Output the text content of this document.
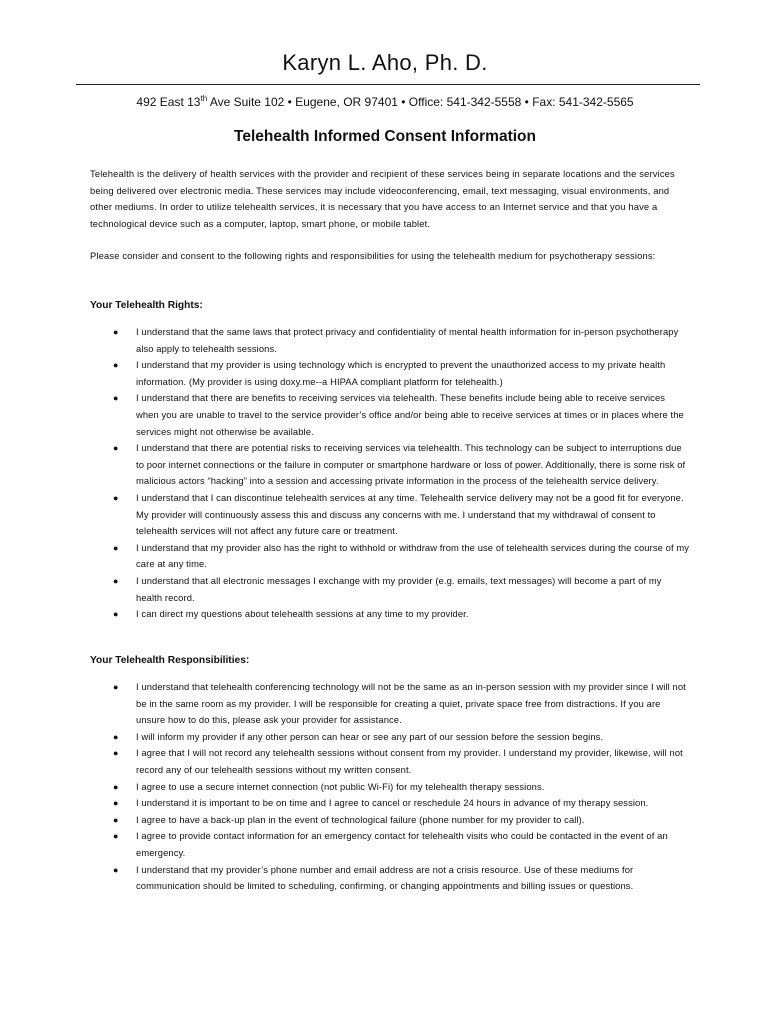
Karyn L. Aho, Ph. D.
492 East 13th Ave Suite 102 • Eugene, OR 97401 • Office: 541-342-5558 • Fax: 541-342-5565
Telehealth Informed Consent Information
Telehealth is the delivery of health services with the provider and recipient of these services being in separate locations and the services being delivered over electronic media. These services may include videoconferencing, email, text messaging, visual environments, and other mediums. In order to utilize telehealth services, it is necessary that you have access to an Internet service and that you have a technological device such as a computer, laptop, smart phone, or mobile tablet.
Please consider and consent to the following rights and responsibilities for using the telehealth medium for psychotherapy sessions:
Your Telehealth Rights:
● I understand that the same laws that protect privacy and confidentiality of mental health information for in-person psychotherapy also apply to telehealth sessions.
● I understand that my provider is using technology which is encrypted to prevent the unauthorized access to my private health information. (My provider is using doxy.me--a HIPAA compliant platform for telehealth.)
● I understand that there are benefits to receiving services via telehealth. These benefits include being able to receive services when you are unable to travel to the service provider’s office and/or being able to receive services at times or in places where the services might not otherwise be available.
● I understand that there are potential risks to receiving services via telehealth. This technology can be subject to interruptions due to poor internet connections or the failure in computer or smartphone hardware or loss of power. Additionally, there is some risk of malicious actors “hacking” into a session and accessing private information in the process of the telehealth service delivery.
● I understand that I can discontinue telehealth services at any time. Telehealth service delivery may not be a good fit for everyone. My provider will continuously assess this and discuss any concerns with me. I understand that my withdrawal of consent to telehealth services will not affect any future care or treatment.
● I understand that my provider also has the right to withhold or withdraw from the use of telehealth services during the course of my care at any time.
● I understand that all electronic messages I exchange with my provider (e.g. emails, text messages) will become a part of my health record.
● I can direct my questions about telehealth sessions at any time to my provider.
Your Telehealth Responsibilities:
● I understand that telehealth conferencing technology will not be the same as an in-person session with my provider since I will not be in the same room as my provider. I will be responsible for creating a quiet, private space free from distractions. If you are unsure how to do this, please ask your provider for assistance.
● I will inform my provider if any other person can hear or see any part of our session before the session begins.
● I agree that I will not record any telehealth sessions without consent from my provider. I understand my provider, likewise, will not record any of our telehealth sessions without my written consent.
● I agree to use a secure internet connection (not public Wi-Fi) for my telehealth therapy sessions.
● I understand it is important to be on time and I agree to cancel or reschedule 24 hours in advance of my therapy session.
● I agree to have a back-up plan in the event of technological failure (phone number for my provider to call).
● I agree to provide contact information for an emergency contact for telehealth visits who could be contacted in the event of an emergency.
● I understand that my provider’s phone number and email address are not a crisis resource. Use of these mediums for communication should be limited to scheduling, confirming, or changing appointments and billing issues or questions.
